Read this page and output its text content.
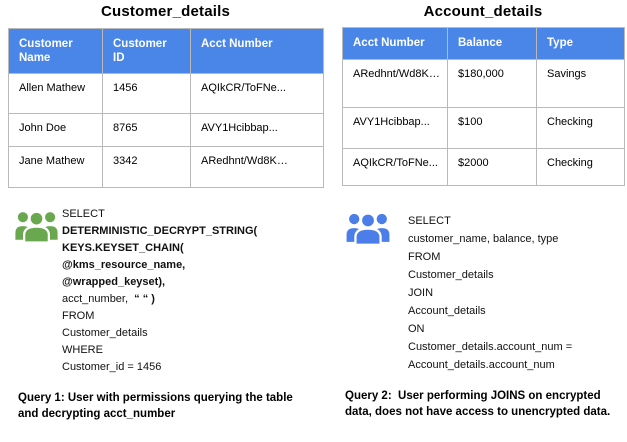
Customer_details
Customer Name	Customer ID	Acct Number
Allen Mathew	1456	AQIkCR/ToFNe...
John Doe	8765	AVY1Hcibbap...
Jane Mathew	3342	ARedhnt/Wd8K…
SELECT
DETERMINISTIC_DECRYPT_STRING(
KEYS.KEYSET_CHAIN(
@kms_resource_name,
@wrapped_keyset),
acct_number,  “ “ )
FROM
Customer_details
WHERE
Customer_id = 1456
Query 1: User with permissions querying the table and decrypting acct_number
Account_details
Acct Number	Balance	Type
ARedhnt/Wd8K…	$180,000	Savings
AVY1Hcibbap...	$100	Checking
AQIkCR/ToFNe...	$2000	Checking
SELECT
customer_name, balance, type
FROM
Customer_details
JOIN
Account_details
ON
Customer_details.account_num =
Account_details.account_num
Query 2:  User performing JOINS on encrypted data, does not have access to unencrypted data.
